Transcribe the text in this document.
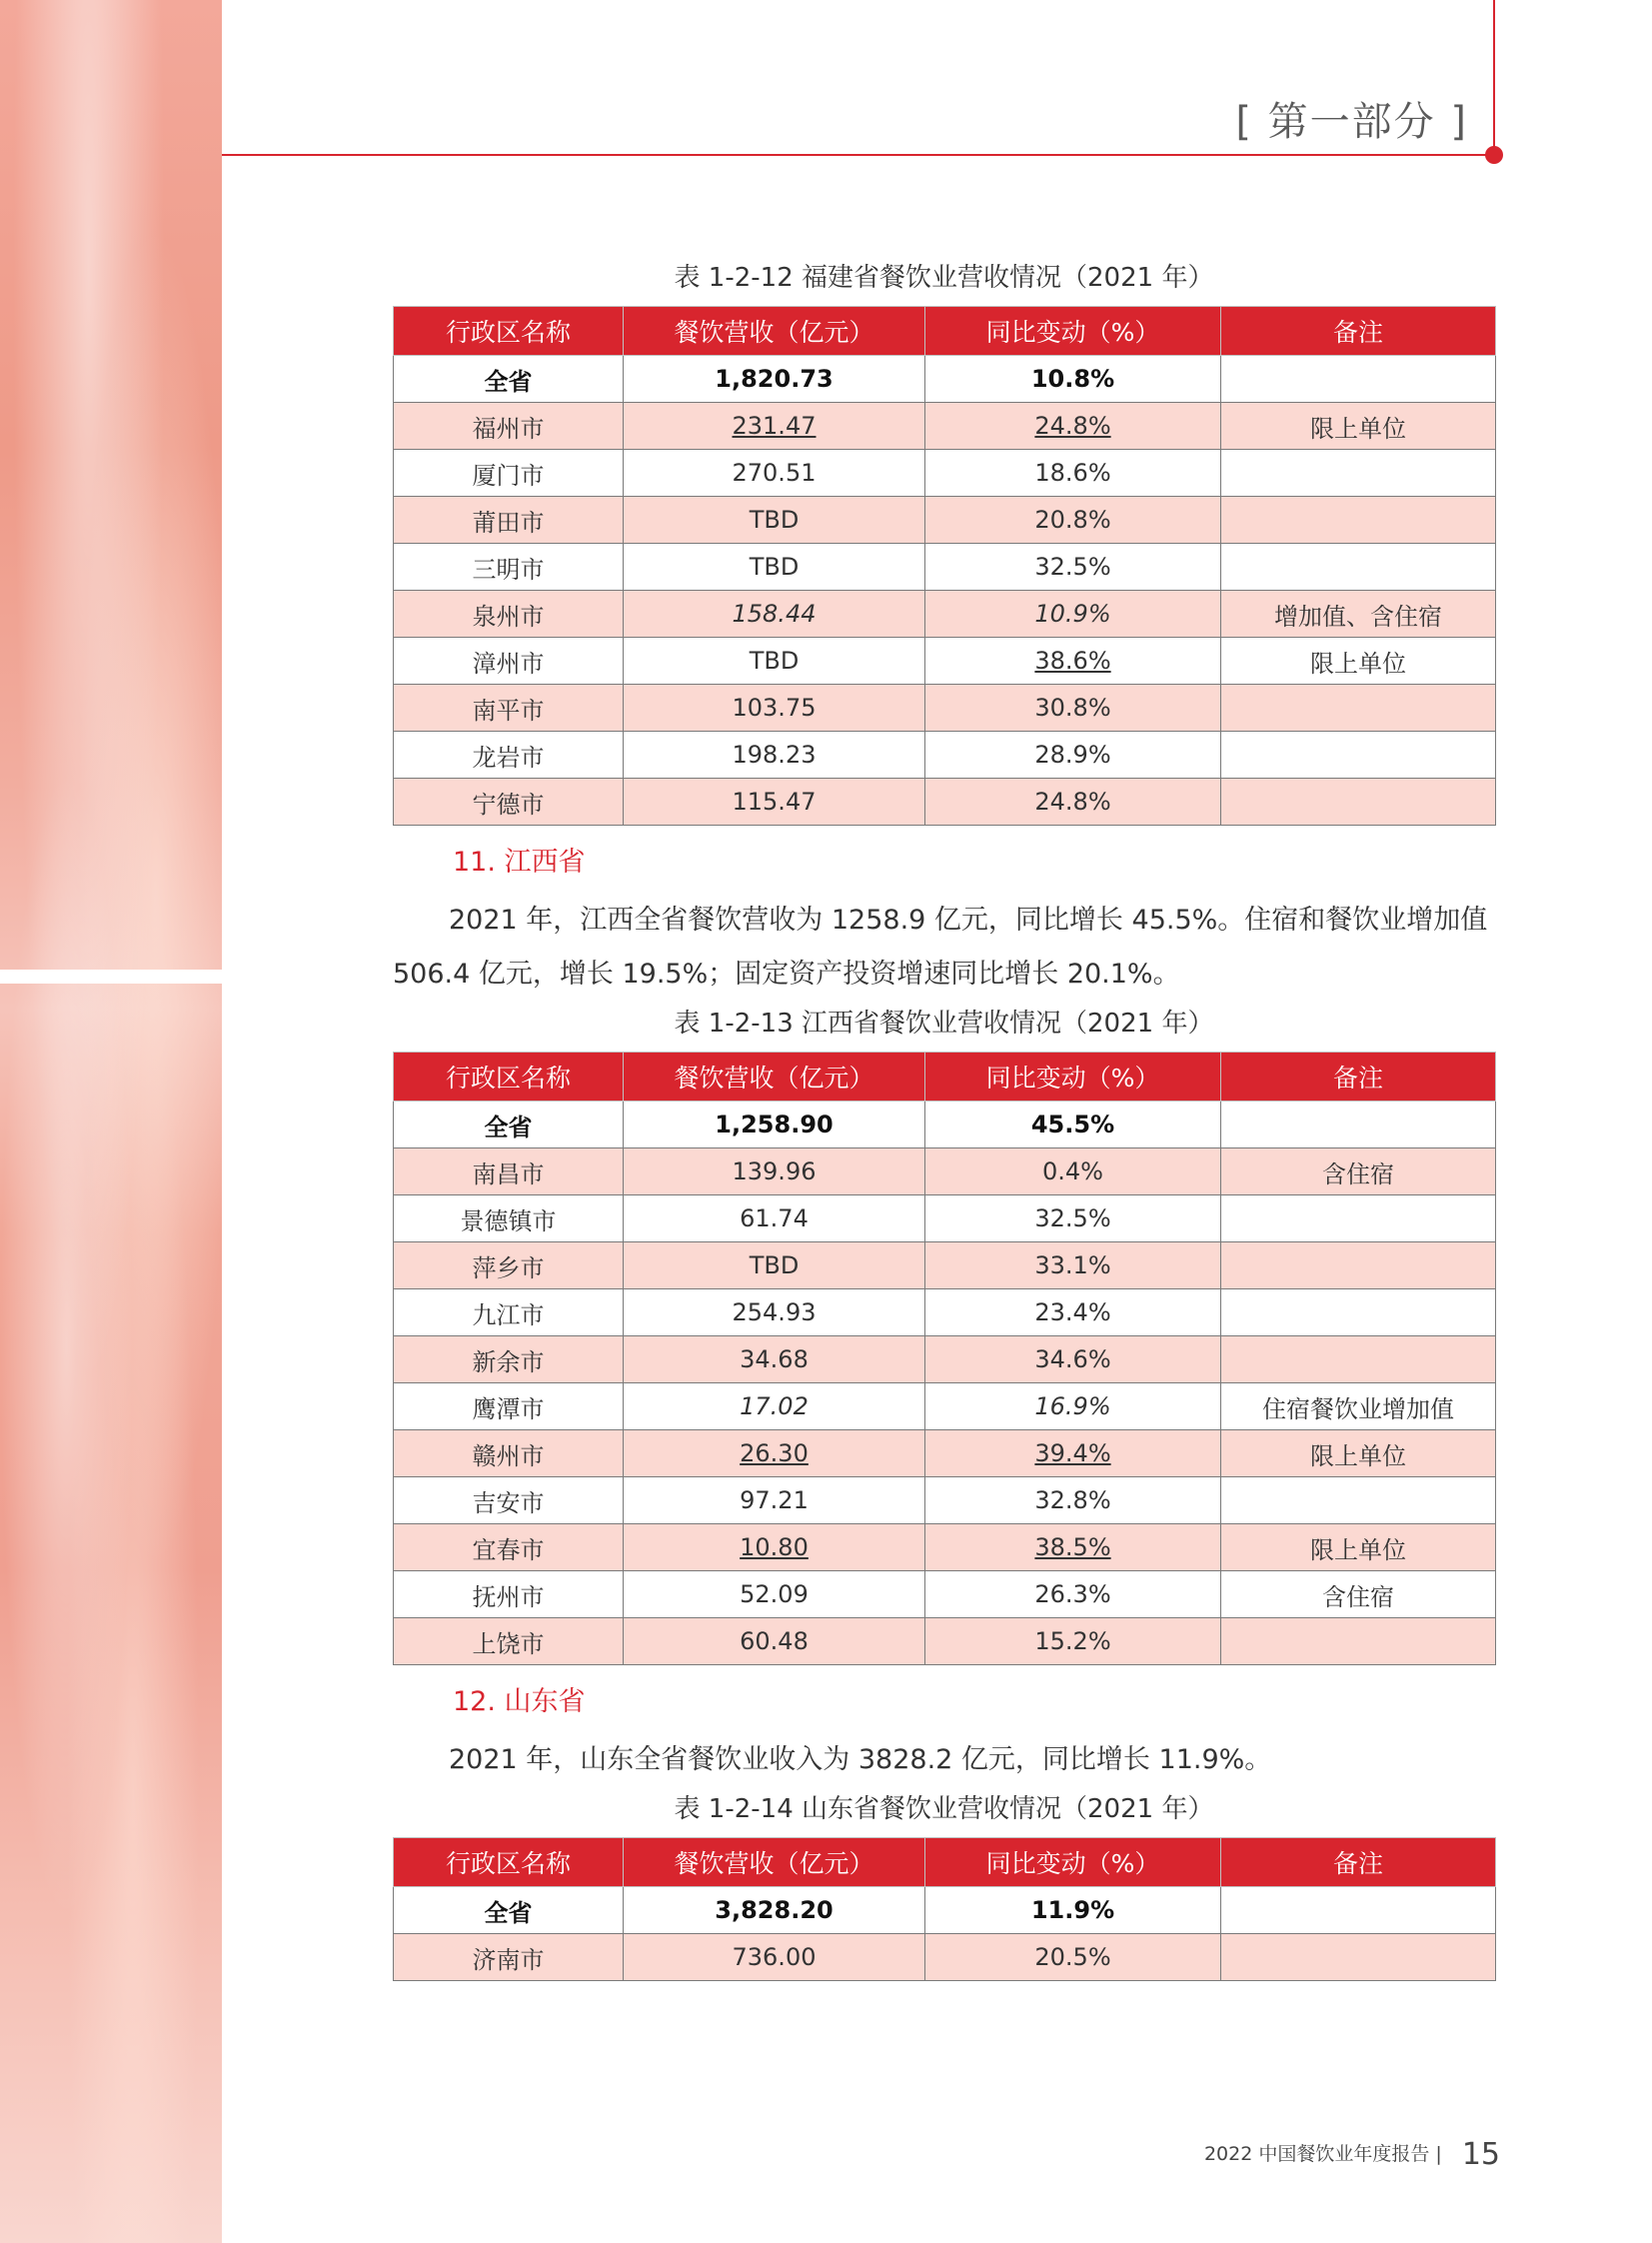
[ 第一部分 ]
表 1-2-12 福建省餐饮业营收情况（2021 年）
行政区名称	餐饮营收（亿元）	同比变动（%）	备注
全省	1,820.73	10.8%	
福州市	231.47	24.8%	限上单位
厦门市	270.51	18.6%	
莆田市	TBD	20.8%	
三明市	TBD	32.5%	
泉州市	158.44	10.9%	增加值、含住宿
漳州市	TBD	38.6%	限上单位
南平市	103.75	30.8%	
龙岩市	198.23	28.9%	
宁德市	115.47	24.8%	
11. 江西省

2021 年，江西全省餐饮营收为 1258.9 亿元，同比增长 45.5%。住宿和餐饮业增加值 506.4 亿元，增长 19.5%；固定资产投资增速同比增长 20.1%。

表 1-2-13 江西省餐饮业营收情况（2021 年）
行政区名称	餐饮营收（亿元）	同比变动（%）	备注
全省	1,258.90	45.5%	
南昌市	139.96	0.4%	含住宿
景德镇市	61.74	32.5%	
萍乡市	TBD	33.1%	
九江市	254.93	23.4%	
新余市	34.68	34.6%	
鹰潭市	17.02	16.9%	住宿餐饮业增加值
赣州市	26.30	39.4%	限上单位
吉安市	97.21	32.8%	
宜春市	10.80	38.5%	限上单位
抚州市	52.09	26.3%	含住宿
上饶市	60.48	15.2%	
12. 山东省

2021 年，山东全省餐饮业收入为 3828.2 亿元，同比增长 11.9%。

表 1-2-14 山东省餐饮业营收情况（2021 年）
行政区名称	餐饮营收（亿元）	同比变动（%）	备注
全省	3,828.20	11.9%	
济南市	736.00	20.5%	
2022 中国餐饮业年度报告 | 15
